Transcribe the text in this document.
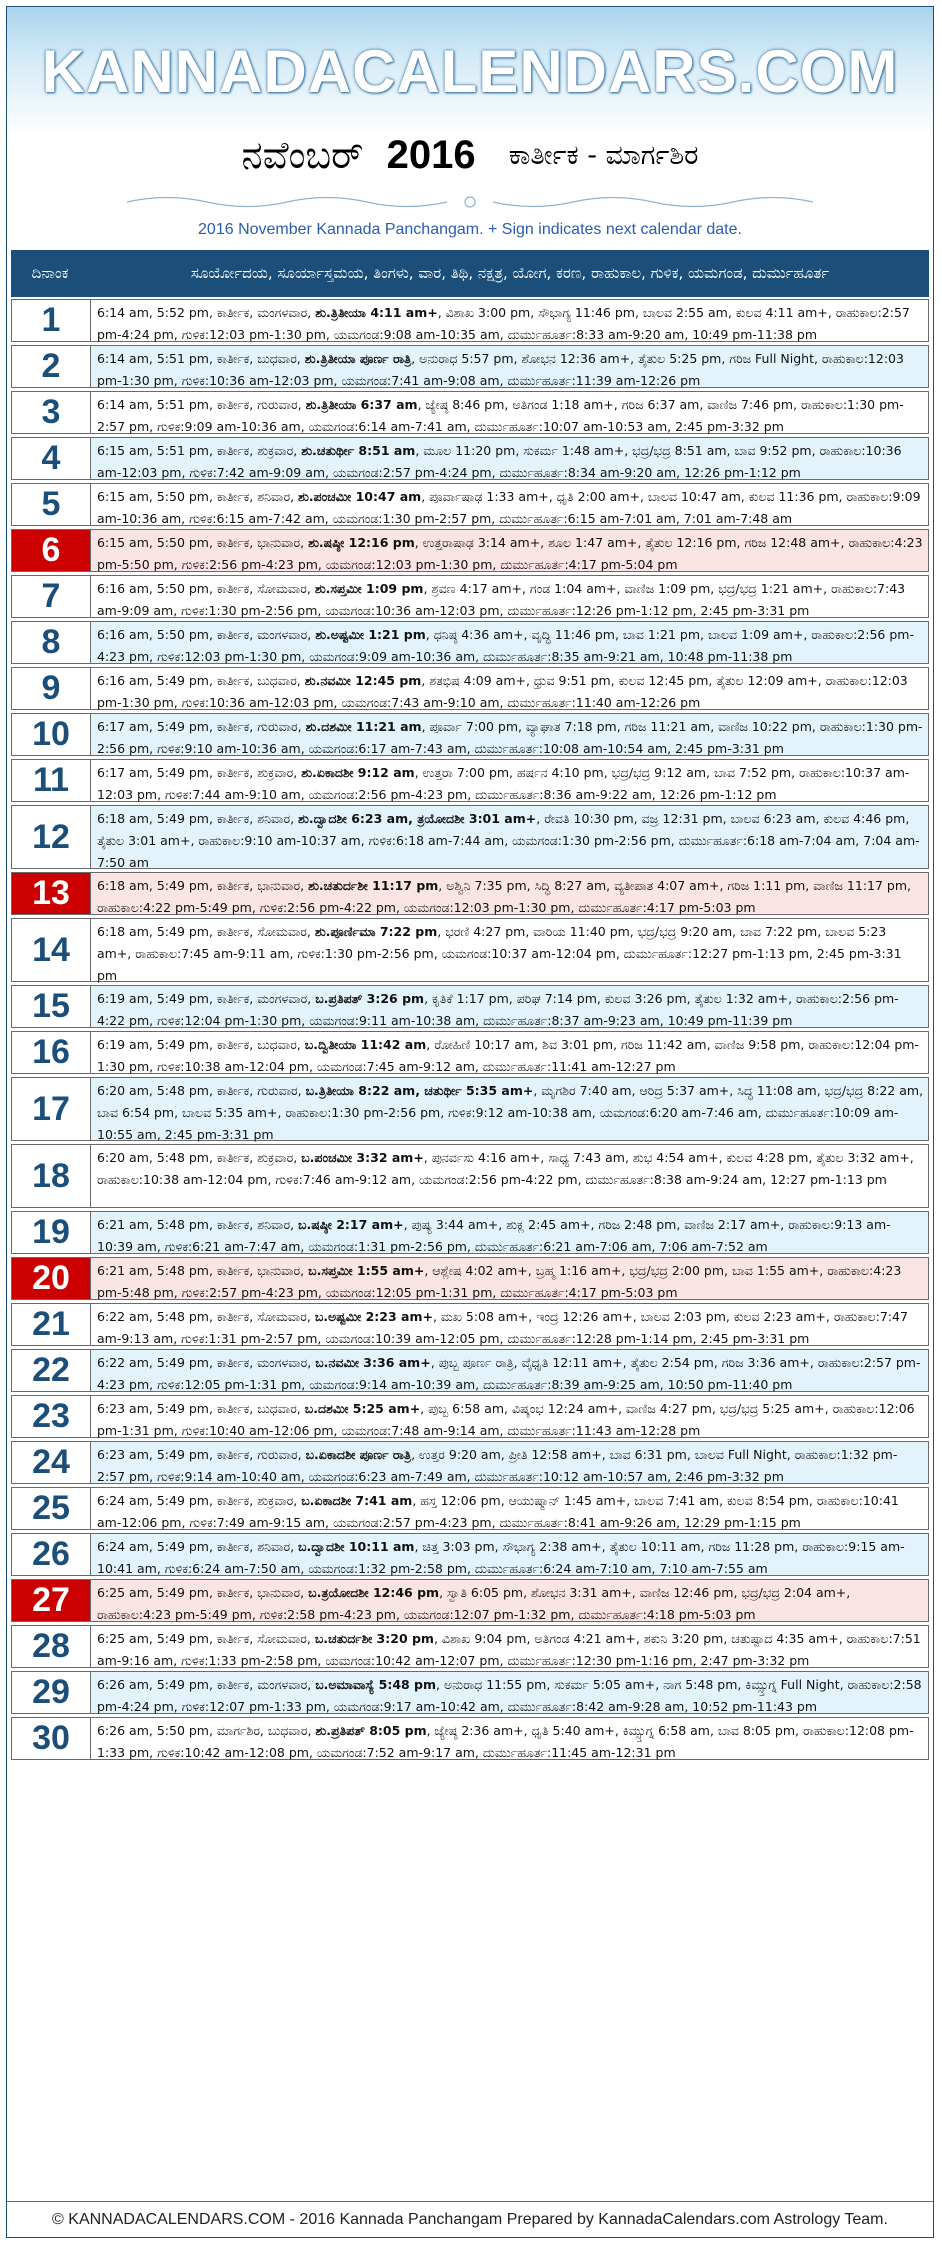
KANNADACALENDARS.COM
ನವೆಂಬರ್ 2016 ಕಾರ್ತೀಕ - ಮಾರ್ಗಶಿರ
2016 November Kannada Panchangam. + Sign indicates next calendar date.
ದಿನಾಂಕ	ಸೂರ್ಯೋದಯ, ಸೂರ್ಯಾಸ್ತಮಯ, ತಿಂಗಳು, ವಾರ, ತಿಥಿ, ನಕ್ಷತ್ರ, ಯೋಗ, ಕರಣ, ರಾಹುಕಾಲ, ಗುಳಿಕ, ಯಮಗಂಡ, ದುರ್ಮುಹೂರ್ತ
1	6:14 am, 5:52 pm, ಕಾರ್ತೀಕ, ಮಂಗಳವಾರ, ಶು.ತ್ರಿತೀಯಾ 4:11 am+, ವಿಶಾಖ 3:00 pm, ಸೌಭಾಗ್ಯ 11:46 pm, ಬಾಲವ 2:55 am, ಕುಲವ 4:11 am+, ರಾಹುಕಾಲ:2:57 pm-4:24 pm, ಗುಳಿಕ:12:03 pm-1:30 pm, ಯಮಗಂಡ:9:08 am-10:35 am, ದುರ್ಮುಹೂರ್ತ:8:33 am-9:20 am, 10:49 pm-11:38 pm
2	6:14 am, 5:51 pm, ಕಾರ್ತೀಕ, ಬುಧವಾರ, ಶು.ತ್ರಿತೀಯಾ ಪೂರ್ಣ ರಾತ್ರಿ, ಅನುರಾಧ 5:57 pm, ಶೋಭನ 12:36 am+, ತೈತುಲ 5:25 pm, ಗರಿಜ Full Night, ರಾಹುಕಾಲ:12:03 pm-1:30 pm, ಗುಳಿಕ:10:36 am-12:03 pm, ಯಮಗಂಡ:7:41 am-9:08 am, ದುರ್ಮುಹೂರ್ತ:11:39 am-12:26 pm
3	6:14 am, 5:51 pm, ಕಾರ್ತೀಕ, ಗುರುವಾರ, ಶು.ತ್ರಿತೀಯಾ 6:37 am, ಜ್ಯೇಷ್ಠ 8:46 pm, ಅತಿಗಂಡ 1:18 am+, ಗರಿಜ 6:37 am, ವಾಣಿಜ 7:46 pm, ರಾಹುಕಾಲ:1:30 pm-2:57 pm, ಗುಳಿಕ:9:09 am-10:36 am, ಯಮಗಂಡ:6:14 am-7:41 am, ದುರ್ಮುಹೂರ್ತ:10:07 am-10:53 am, 2:45 pm-3:32 pm
4	6:15 am, 5:51 pm, ಕಾರ್ತೀಕ, ಶುಕ್ರವಾರ, ಶು.ಚತುರ್ಥೀ 8:51 am, ಮೂಲ 11:20 pm, ಸುಕರ್ಮ 1:48 am+, ಭದ್ರ/ಭದ್ರ 8:51 am, ಬಾವ 9:52 pm, ರಾಹುಕಾಲ:10:36 am-12:03 pm, ಗುಳಿಕ:7:42 am-9:09 am, ಯಮಗಂಡ:2:57 pm-4:24 pm, ದುರ್ಮುಹೂರ್ತ:8:34 am-9:20 am, 12:26 pm-1:12 pm
5	6:15 am, 5:50 pm, ಕಾರ್ತೀಕ, ಶನಿವಾರ, ಶು.ಪಂಚಮೀ 10:47 am, ಪೂರ್ವಾಷಾಢ 1:33 am+, ಧೃತಿ 2:00 am+, ಬಾಲವ 10:47 am, ಕುಲವ 11:36 pm, ರಾಹುಕಾಲ:9:09 am-10:36 am, ಗುಳಿಕ:6:15 am-7:42 am, ಯಮಗಂಡ:1:30 pm-2:57 pm, ದುರ್ಮುಹೂರ್ತ:6:15 am-7:01 am, 7:01 am-7:48 am
6	6:15 am, 5:50 pm, ಕಾರ್ತೀಕ, ಭಾನುವಾರ, ಶು.ಷಷ್ಠೀ 12:16 pm, ಉತ್ತರಾಷಾಢ 3:14 am+, ಶೂಲ 1:47 am+, ತೈತುಲ 12:16 pm, ಗರಿಜ 12:48 am+, ರಾಹುಕಾಲ:4:23 pm-5:50 pm, ಗುಳಿಕ:2:56 pm-4:23 pm, ಯಮಗಂಡ:12:03 pm-1:30 pm, ದುರ್ಮುಹೂರ್ತ:4:17 pm-5:04 pm
7	6:16 am, 5:50 pm, ಕಾರ್ತೀಕ, ಸೋಮವಾರ, ಶು.ಸಪ್ತಮೀ 1:09 pm, ಶ್ರವಣ 4:17 am+, ಗಂಡ 1:04 am+, ವಾಣಿಜ 1:09 pm, ಭದ್ರ/ಭದ್ರ 1:21 am+, ರಾಹುಕಾಲ:7:43 am-9:09 am, ಗುಳಿಕ:1:30 pm-2:56 pm, ಯಮಗಂಡ:10:36 am-12:03 pm, ದುರ್ಮುಹೂರ್ತ:12:26 pm-1:12 pm, 2:45 pm-3:31 pm
8	6:16 am, 5:50 pm, ಕಾರ್ತೀಕ, ಮಂಗಳವಾರ, ಶು.ಅಷ್ಟಮೀ 1:21 pm, ಧನಿಷ್ಠ 4:36 am+, ವೃದ್ಧಿ 11:46 pm, ಬಾವ 1:21 pm, ಬಾಲವ 1:09 am+, ರಾಹುಕಾಲ:2:56 pm-4:23 pm, ಗುಳಿಕ:12:03 pm-1:30 pm, ಯಮಗಂಡ:9:09 am-10:36 am, ದುರ್ಮುಹೂರ್ತ:8:35 am-9:21 am, 10:48 pm-11:38 pm
9	6:16 am, 5:49 pm, ಕಾರ್ತೀಕ, ಬುಧವಾರ, ಶು.ನವಮೀ 12:45 pm, ಶತಭಿಷ 4:09 am+, ಧ್ರುವ 9:51 pm, ಕುಲವ 12:45 pm, ತೈತುಲ 12:09 am+, ರಾಹುಕಾಲ:12:03 pm-1:30 pm, ಗುಳಿಕ:10:36 am-12:03 pm, ಯಮಗಂಡ:7:43 am-9:10 am, ದುರ್ಮುಹೂರ್ತ:11:40 am-12:26 pm
10	6:17 am, 5:49 pm, ಕಾರ್ತೀಕ, ಗುರುವಾರ, ಶು.ದಶಮೀ 11:21 am, ಪೂರ್ವಾ 7:00 pm, ವ್ಯಾಘಾತ 7:18 pm, ಗರಿಜ 11:21 am, ವಾಣಿಜ 10:22 pm, ರಾಹುಕಾಲ:1:30 pm-2:56 pm, ಗುಳಿಕ:9:10 am-10:36 am, ಯಮಗಂಡ:6:17 am-7:43 am, ದುರ್ಮುಹೂರ್ತ:10:08 am-10:54 am, 2:45 pm-3:31 pm
11	6:17 am, 5:49 pm, ಕಾರ್ತೀಕ, ಶುಕ್ರವಾರ, ಶು.ಏಕಾದಶೀ 9:12 am, ಉತ್ತರಾ 7:00 pm, ಹರ್ಷನ 4:10 pm, ಭದ್ರ/ಭದ್ರ 9:12 am, ಬಾವ 7:52 pm, ರಾಹುಕಾಲ:10:37 am-12:03 pm, ಗುಳಿಕ:7:44 am-9:10 am, ಯಮಗಂಡ:2:56 pm-4:23 pm, ದುರ್ಮುಹೂರ್ತ:8:36 am-9:22 am, 12:26 pm-1:12 pm
12	6:18 am, 5:49 pm, ಕಾರ್ತೀಕ, ಶನಿವಾರ, ಶು.ದ್ವಾದಶೀ 6:23 am, ತ್ರಯೋದಶೀ 3:01 am+, ರೇವತಿ 10:30 pm, ವಜ್ರ 12:31 pm, ಬಾಲವ 6:23 am, ಕುಲವ 4:46 pm, ತೈತುಲ 3:01 am+, ರಾಹುಕಾಲ:9:10 am-10:37 am, ಗುಳಿಕ:6:18 am-7:44 am, ಯಮಗಂಡ:1:30 pm-2:56 pm, ದುರ್ಮುಹೂರ್ತ:6:18 am-7:04 am, 7:04 am-7:50 am
13	6:18 am, 5:49 pm, ಕಾರ್ತೀಕ, ಭಾನುವಾರ, ಶು.ಚತುರ್ದಶೀ 11:17 pm, ಅಶ್ವಿನಿ 7:35 pm, ಸಿದ್ಧಿ 8:27 am, ವ್ಯತೀಪಾತ 4:07 am+, ಗರಿಜ 1:11 pm, ವಾಣಿಜ 11:17 pm, ರಾಹುಕಾಲ:4:22 pm-5:49 pm, ಗುಳಿಕ:2:56 pm-4:22 pm, ಯಮಗಂಡ:12:03 pm-1:30 pm, ದುರ್ಮುಹೂರ್ತ:4:17 pm-5:03 pm
14	6:18 am, 5:49 pm, ಕಾರ್ತೀಕ, ಸೋಮವಾರ, ಶು.ಪೂರ್ಣಿಮಾ 7:22 pm, ಭರಣಿ 4:27 pm, ವಾರಿಯ 11:40 pm, ಭದ್ರ/ಭದ್ರ 9:20 am, ಬಾವ 7:22 pm, ಬಾಲವ 5:23 am+, ರಾಹುಕಾಲ:7:45 am-9:11 am, ಗುಳಿಕ:1:30 pm-2:56 pm, ಯಮಗಂಡ:10:37 am-12:04 pm, ದುರ್ಮುಹೂರ್ತ:12:27 pm-1:13 pm, 2:45 pm-3:31 pm
15	6:19 am, 5:49 pm, ಕಾರ್ತೀಕ, ಮಂಗಳವಾರ, ಬ.ಪ್ರತಿಪತ್ 3:26 pm, ಕೃತಿಕೆ 1:17 pm, ಪರಿಘ 7:14 pm, ಕುಲವ 3:26 pm, ತೈತುಲ 1:32 am+, ರಾಹುಕಾಲ:2:56 pm-4:22 pm, ಗುಳಿಕ:12:04 pm-1:30 pm, ಯಮಗಂಡ:9:11 am-10:38 am, ದುರ್ಮುಹೂರ್ತ:8:37 am-9:23 am, 10:49 pm-11:39 pm
16	6:19 am, 5:49 pm, ಕಾರ್ತೀಕ, ಬುಧವಾರ, ಬ.ದ್ವಿತೀಯಾ 11:42 am, ರೋಹಿಣಿ 10:17 am, ಶಿವ 3:01 pm, ಗರಿಜ 11:42 am, ವಾಣಿಜ 9:58 pm, ರಾಹುಕಾಲ:12:04 pm-1:30 pm, ಗುಳಿಕ:10:38 am-12:04 pm, ಯಮಗಂಡ:7:45 am-9:12 am, ದುರ್ಮುಹೂರ್ತ:11:41 am-12:27 pm
17	6:20 am, 5:48 pm, ಕಾರ್ತೀಕ, ಗುರುವಾರ, ಬ.ತ್ರಿತೀಯಾ 8:22 am, ಚತುರ್ಥೀ 5:35 am+, ಮೃಗಶಿರ 7:40 am, ಆರಿದ್ರ 5:37 am+, ಸಿದ್ಧ 11:08 am, ಭದ್ರ/ಭದ್ರ 8:22 am, ಬಾವ 6:54 pm, ಬಾಲವ 5:35 am+, ರಾಹುಕಾಲ:1:30 pm-2:56 pm, ಗುಳಿಕ:9:12 am-10:38 am, ಯಮಗಂಡ:6:20 am-7:46 am, ದುರ್ಮುಹೂರ್ತ:10:09 am-10:55 am, 2:45 pm-3:31 pm
18	6:20 am, 5:48 pm, ಕಾರ್ತೀಕ, ಶುಕ್ರವಾರ, ಬ.ಪಂಚಮೀ 3:32 am+, ಪುನರ್ವಸು 4:16 am+, ಸಾಧ್ಯ 7:43 am, ಶುಭ 4:54 am+, ಕುಲವ 4:28 pm, ತೈತುಲ 3:32 am+, ರಾಹುಕಾಲ:10:38 am-12:04 pm, ಗುಳಿಕ:7:46 am-9:12 am, ಯಮಗಂಡ:2:56 pm-4:22 pm, ದುರ್ಮುಹೂರ್ತ:8:38 am-9:24 am, 12:27 pm-1:13 pm
19	6:21 am, 5:48 pm, ಕಾರ್ತೀಕ, ಶನಿವಾರ, ಬ.ಷಷ್ಠೀ 2:17 am+, ಪುಷ್ಯ 3:44 am+, ಶುಕ್ಲ 2:45 am+, ಗರಿಜ 2:48 pm, ವಾಣಿಜ 2:17 am+, ರಾಹುಕಾಲ:9:13 am-10:39 am, ಗುಳಿಕ:6:21 am-7:47 am, ಯಮಗಂಡ:1:31 pm-2:56 pm, ದುರ್ಮುಹೂರ್ತ:6:21 am-7:06 am, 7:06 am-7:52 am
20	6:21 am, 5:48 pm, ಕಾರ್ತೀಕ, ಭಾನುವಾರ, ಬ.ಸಪ್ತಮೀ 1:55 am+, ಆಶ್ಲೇಷ 4:02 am+, ಬ್ರಹ್ಮ 1:16 am+, ಭದ್ರ/ಭದ್ರ 2:00 pm, ಬಾವ 1:55 am+, ರಾಹುಕಾಲ:4:23 pm-5:48 pm, ಗುಳಿಕ:2:57 pm-4:23 pm, ಯಮಗಂಡ:12:05 pm-1:31 pm, ದುರ್ಮುಹೂರ್ತ:4:17 pm-5:03 pm
21	6:22 am, 5:48 pm, ಕಾರ್ತೀಕ, ಸೋಮವಾರ, ಬ.ಅಷ್ಟಮೀ 2:23 am+, ಮಖ 5:08 am+, ಇಂದ್ರ 12:26 am+, ಬಾಲವ 2:03 pm, ಕುಲವ 2:23 am+, ರಾಹುಕಾಲ:7:47 am-9:13 am, ಗುಳಿಕ:1:31 pm-2:57 pm, ಯಮಗಂಡ:10:39 am-12:05 pm, ದುರ್ಮುಹೂರ್ತ:12:28 pm-1:14 pm, 2:45 pm-3:31 pm
22	6:22 am, 5:49 pm, ಕಾರ್ತೀಕ, ಮಂಗಳವಾರ, ಬ.ನವಮೀ 3:36 am+, ಪುಬ್ಬ ಪೂರ್ಣ ರಾತ್ರಿ, ವೈಧೃತಿ 12:11 am+, ತೈತುಲ 2:54 pm, ಗರಿಜ 3:36 am+, ರಾಹುಕಾಲ:2:57 pm-4:23 pm, ಗುಳಿಕ:12:05 pm-1:31 pm, ಯಮಗಂಡ:9:14 am-10:39 am, ದುರ್ಮುಹೂರ್ತ:8:39 am-9:25 am, 10:50 pm-11:40 pm
23	6:23 am, 5:49 pm, ಕಾರ್ತೀಕ, ಬುಧವಾರ, ಬ.ದಶಮೀ 5:25 am+, ಪುಬ್ಬ 6:58 am, ವಿಷ್ಕಂಭ 12:24 am+, ವಾಣಿಜ 4:27 pm, ಭದ್ರ/ಭದ್ರ 5:25 am+, ರಾಹುಕಾಲ:12:06 pm-1:31 pm, ಗುಳಿಕ:10:40 am-12:06 pm, ಯಮಗಂಡ:7:48 am-9:14 am, ದುರ್ಮುಹೂರ್ತ:11:43 am-12:28 pm
24	6:23 am, 5:49 pm, ಕಾರ್ತೀಕ, ಗುರುವಾರ, ಬ.ಏಕಾದಶೀ ಪೂರ್ಣ ರಾತ್ರಿ, ಉತ್ತರ 9:20 am, ಪ್ರೀತಿ 12:58 am+, ಬಾವ 6:31 pm, ಬಾಲವ Full Night, ರಾಹುಕಾಲ:1:32 pm-2:57 pm, ಗುಳಿಕ:9:14 am-10:40 am, ಯಮಗಂಡ:6:23 am-7:49 am, ದುರ್ಮುಹೂರ್ತ:10:12 am-10:57 am, 2:46 pm-3:32 pm
25	6:24 am, 5:49 pm, ಕಾರ್ತೀಕ, ಶುಕ್ರವಾರ, ಬ.ಏಕಾದಶೀ 7:41 am, ಹಸ್ತ 12:06 pm, ಆಯುಷ್ಮಾನ್ 1:45 am+, ಬಾಲವ 7:41 am, ಕುಲವ 8:54 pm, ರಾಹುಕಾಲ:10:41 am-12:06 pm, ಗುಳಿಕ:7:49 am-9:15 am, ಯಮಗಂಡ:2:57 pm-4:23 pm, ದುರ್ಮುಹೂರ್ತ:8:41 am-9:26 am, 12:29 pm-1:15 pm
26	6:24 am, 5:49 pm, ಕಾರ್ತೀಕ, ಶನಿವಾರ, ಬ.ದ್ವಾದಶೀ 10:11 am, ಚಿತ್ತ 3:03 pm, ಸೌಭಾಗ್ಯ 2:38 am+, ತೈತುಲ 10:11 am, ಗರಿಜ 11:28 pm, ರಾಹುಕಾಲ:9:15 am-10:41 am, ಗುಳಿಕ:6:24 am-7:50 am, ಯಮಗಂಡ:1:32 pm-2:58 pm, ದುರ್ಮುಹೂರ್ತ:6:24 am-7:10 am, 7:10 am-7:55 am
27	6:25 am, 5:49 pm, ಕಾರ್ತೀಕ, ಭಾನುವಾರ, ಬ.ತ್ರಯೋದಶೀ 12:46 pm, ಸ್ವಾತಿ 6:05 pm, ಶೋಭನ 3:31 am+, ವಾಣಿಜ 12:46 pm, ಭದ್ರ/ಭದ್ರ 2:04 am+, ರಾಹುಕಾಲ:4:23 pm-5:49 pm, ಗುಳಿಕ:2:58 pm-4:23 pm, ಯಮಗಂಡ:12:07 pm-1:32 pm, ದುರ್ಮುಹೂರ್ತ:4:18 pm-5:03 pm
28	6:25 am, 5:49 pm, ಕಾರ್ತೀಕ, ಸೋಮವಾರ, ಬ.ಚತುರ್ದಶೀ 3:20 pm, ವಿಶಾಖ 9:04 pm, ಅತಿಗಂಡ 4:21 am+, ಶಕುನಿ 3:20 pm, ಚತುಷ್ಪಾದ 4:35 am+, ರಾಹುಕಾಲ:7:51 am-9:16 am, ಗುಳಿಕ:1:33 pm-2:58 pm, ಯಮಗಂಡ:10:42 am-12:07 pm, ದುರ್ಮುಹೂರ್ತ:12:30 pm-1:16 pm, 2:47 pm-3:32 pm
29	6:26 am, 5:49 pm, ಕಾರ್ತೀಕ, ಮಂಗಳವಾರ, ಬ.ಅಮಾವಾಸ್ಯೆ 5:48 pm, ಅನುರಾಧ 11:55 pm, ಸುಕರ್ಮ 5:05 am+, ನಾಗ 5:48 pm, ಕಿಮ್ಸ್ತುಗ್ನ Full Night, ರಾಹುಕಾಲ:2:58 pm-4:24 pm, ಗುಳಿಕ:12:07 pm-1:33 pm, ಯಮಗಂಡ:9:17 am-10:42 am, ದುರ್ಮುಹೂರ್ತ:8:42 am-9:28 am, 10:52 pm-11:43 pm
30	6:26 am, 5:50 pm, ಮಾರ್ಗಶಿರ, ಬುಧವಾರ, ಶು.ಪ್ರತಿಪತ್ 8:05 pm, ಜ್ಯೇಷ್ಠ 2:36 am+, ಧೃತಿ 5:40 am+, ಕಿಮ್ಸ್ತುಗ್ನ 6:58 am, ಬಾವ 8:05 pm, ರಾಹುಕಾಲ:12:08 pm-1:33 pm, ಗುಳಿಕ:10:42 am-12:08 pm, ಯಮಗಂಡ:7:52 am-9:17 am, ದುರ್ಮುಹೂರ್ತ:11:45 am-12:31 pm
© KANNADACALENDARS.COM - 2016 Kannada Panchangam Prepared by KannadaCalendars.com Astrology Team.
